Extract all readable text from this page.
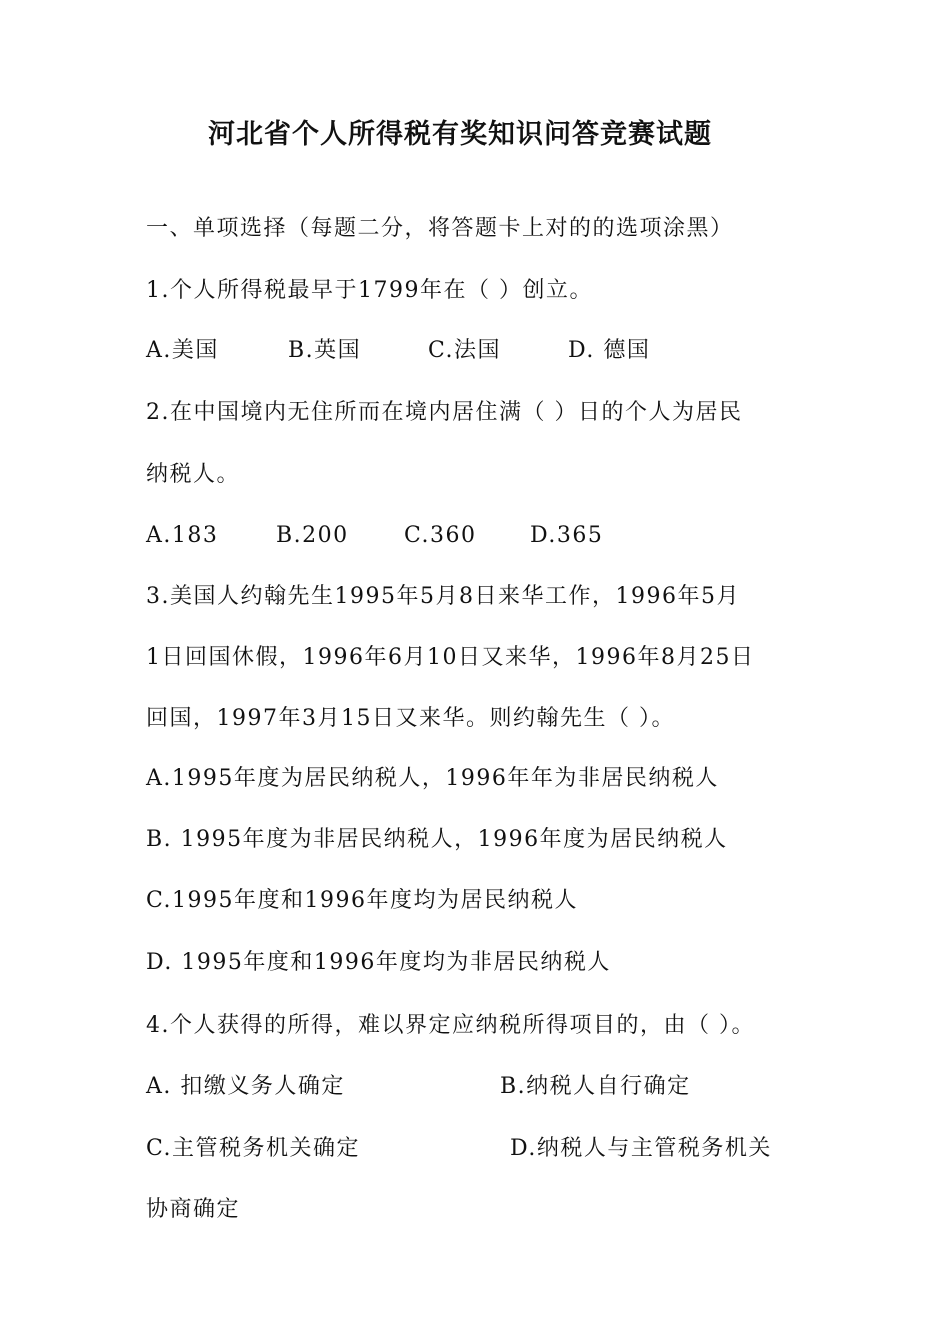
河北省个人所得税有奖知识问答竞赛试题
一、单项选择（每题二分，将答题卡上对的的选项涂黑）
1.个人所得税最早于1799年在（ ）创立。
A.美国	B.英国	C.法国	D. 德国
2.在中国境内无住所而在境内居住满（ ）日的个人为居民
纳税人。
A.183	B.200	C.360 D.365
3.美国人约翰先生1995年5月8日来华工作，1996年5月
1日回国休假，1996年6月10日又来华，1996年8月25日
回国，1997年3月15日又来华。则约翰先生（ ）。
A.1995年度为居民纳税人，1996年年为非居民纳税人
B. 1995年度为非居民纳税人，1996年度为居民纳税人
C.1995年度和1996年度均为居民纳税人
D. 1995年度和1996年度均为非居民纳税人
4.个人获得的所得，难以界定应纳税所得项目的，由（ ）。
A. 扣缴义务人确定	B.纳税人自行确定
C.主管税务机关确定	D.纳税人与主管税务机关
协商确定
